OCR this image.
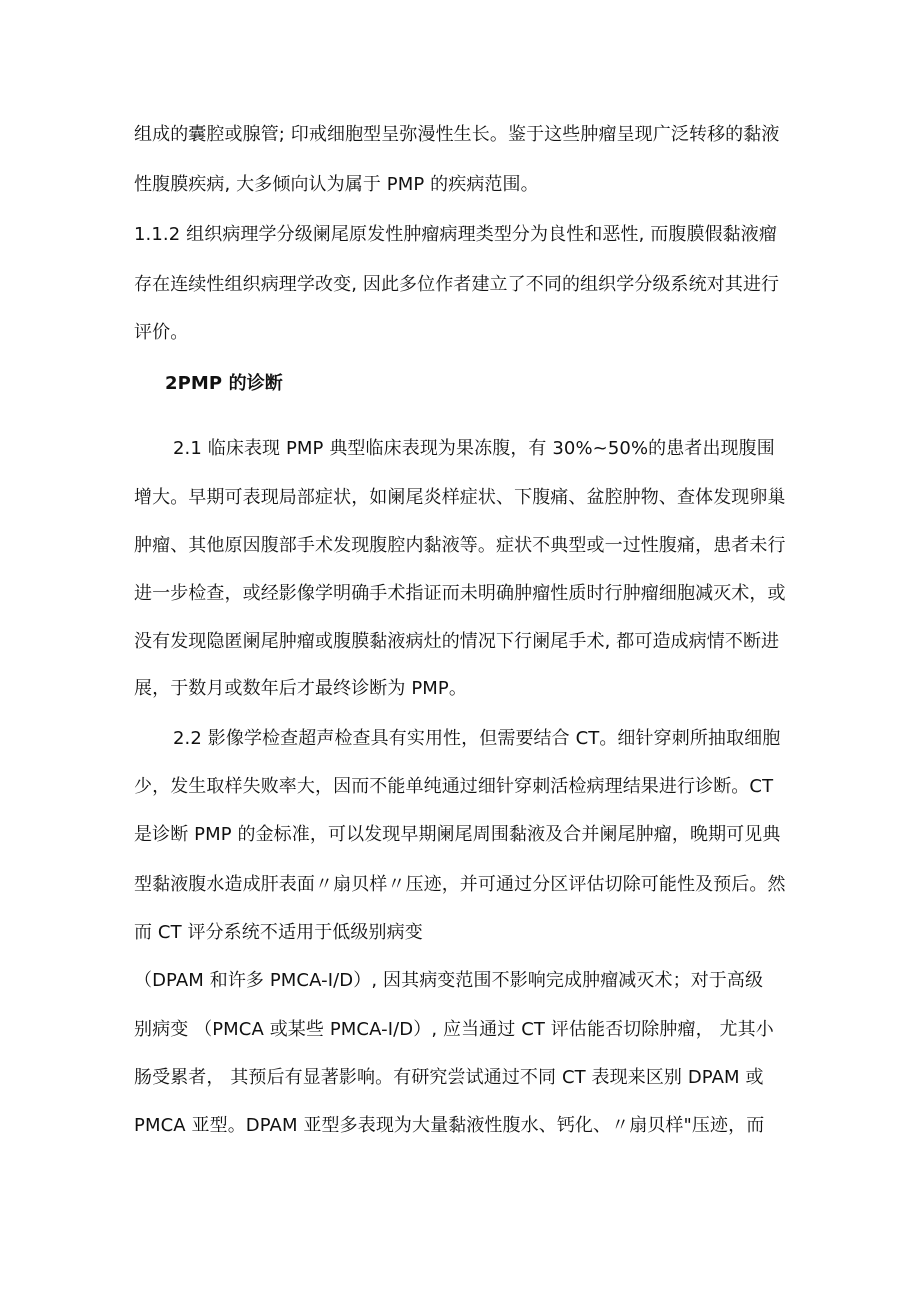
组成的囊腔或腺管; 印戒细胞型呈弥漫性生长。鉴于这些肿瘤呈现广泛转移的黏液
性腹膜疾病, 大多倾向认为属于 PMP 的疾病范围。
1.1.2 组织病理学分级阑尾原发性肿瘤病理类型分为良性和恶性, 而腹膜假黏液瘤
存在连续性组织病理学改变, 因此多位作者建立了不同的组织学分级系统对其进行
评价。
2PMP 的诊断
2.1 临床表现 PMP 典型临床表现为果冻腹，有 30%~50%的患者出现腹围
增大。早期可表现局部症状，如阑尾炎样症状、下腹痛、盆腔肿物、查体发现卵巢
肿瘤、其他原因腹部手术发现腹腔内黏液等。症状不典型或一过性腹痛，患者未行
进一步检查，或经影像学明确手术指证而未明确肿瘤性质时行肿瘤细胞减灭术，或
没有发现隐匿阑尾肿瘤或腹膜黏液病灶的情况下行阑尾手术, 都可造成病情不断进
展，于数月或数年后才最终诊断为 PMP。
2.2 影像学检查超声检查具有实用性，但需要结合 CT。细针穿刺所抽取细胞
少，发生取样失败率大，因而不能单纯通过细针穿刺活检病理结果进行诊断。CT
是诊断 PMP 的金标准，可以发现早期阑尾周围黏液及合并阑尾肿瘤，晚期可见典
型黏液腹水造成肝表面〃扇贝样〃压迹，并可通过分区评估切除可能性及预后。然
而 CT 评分系统不适用于低级别病变
（DPAM 和许多 PMCA-I/D）, 因其病变范围不影响完成肿瘤减灭术；对于高级
别病变 （PMCA 或某些 PMCA-I/D）, 应当通过 CT 评估能否切除肿瘤， 尤其小
肠受累者， 其预后有显著影响。有研究尝试通过不同 CT 表现来区别 DPAM 或
PMCA 亚型。DPAM 亚型多表现为大量黏液性腹水、钙化、〃扇贝样"压迹，而
